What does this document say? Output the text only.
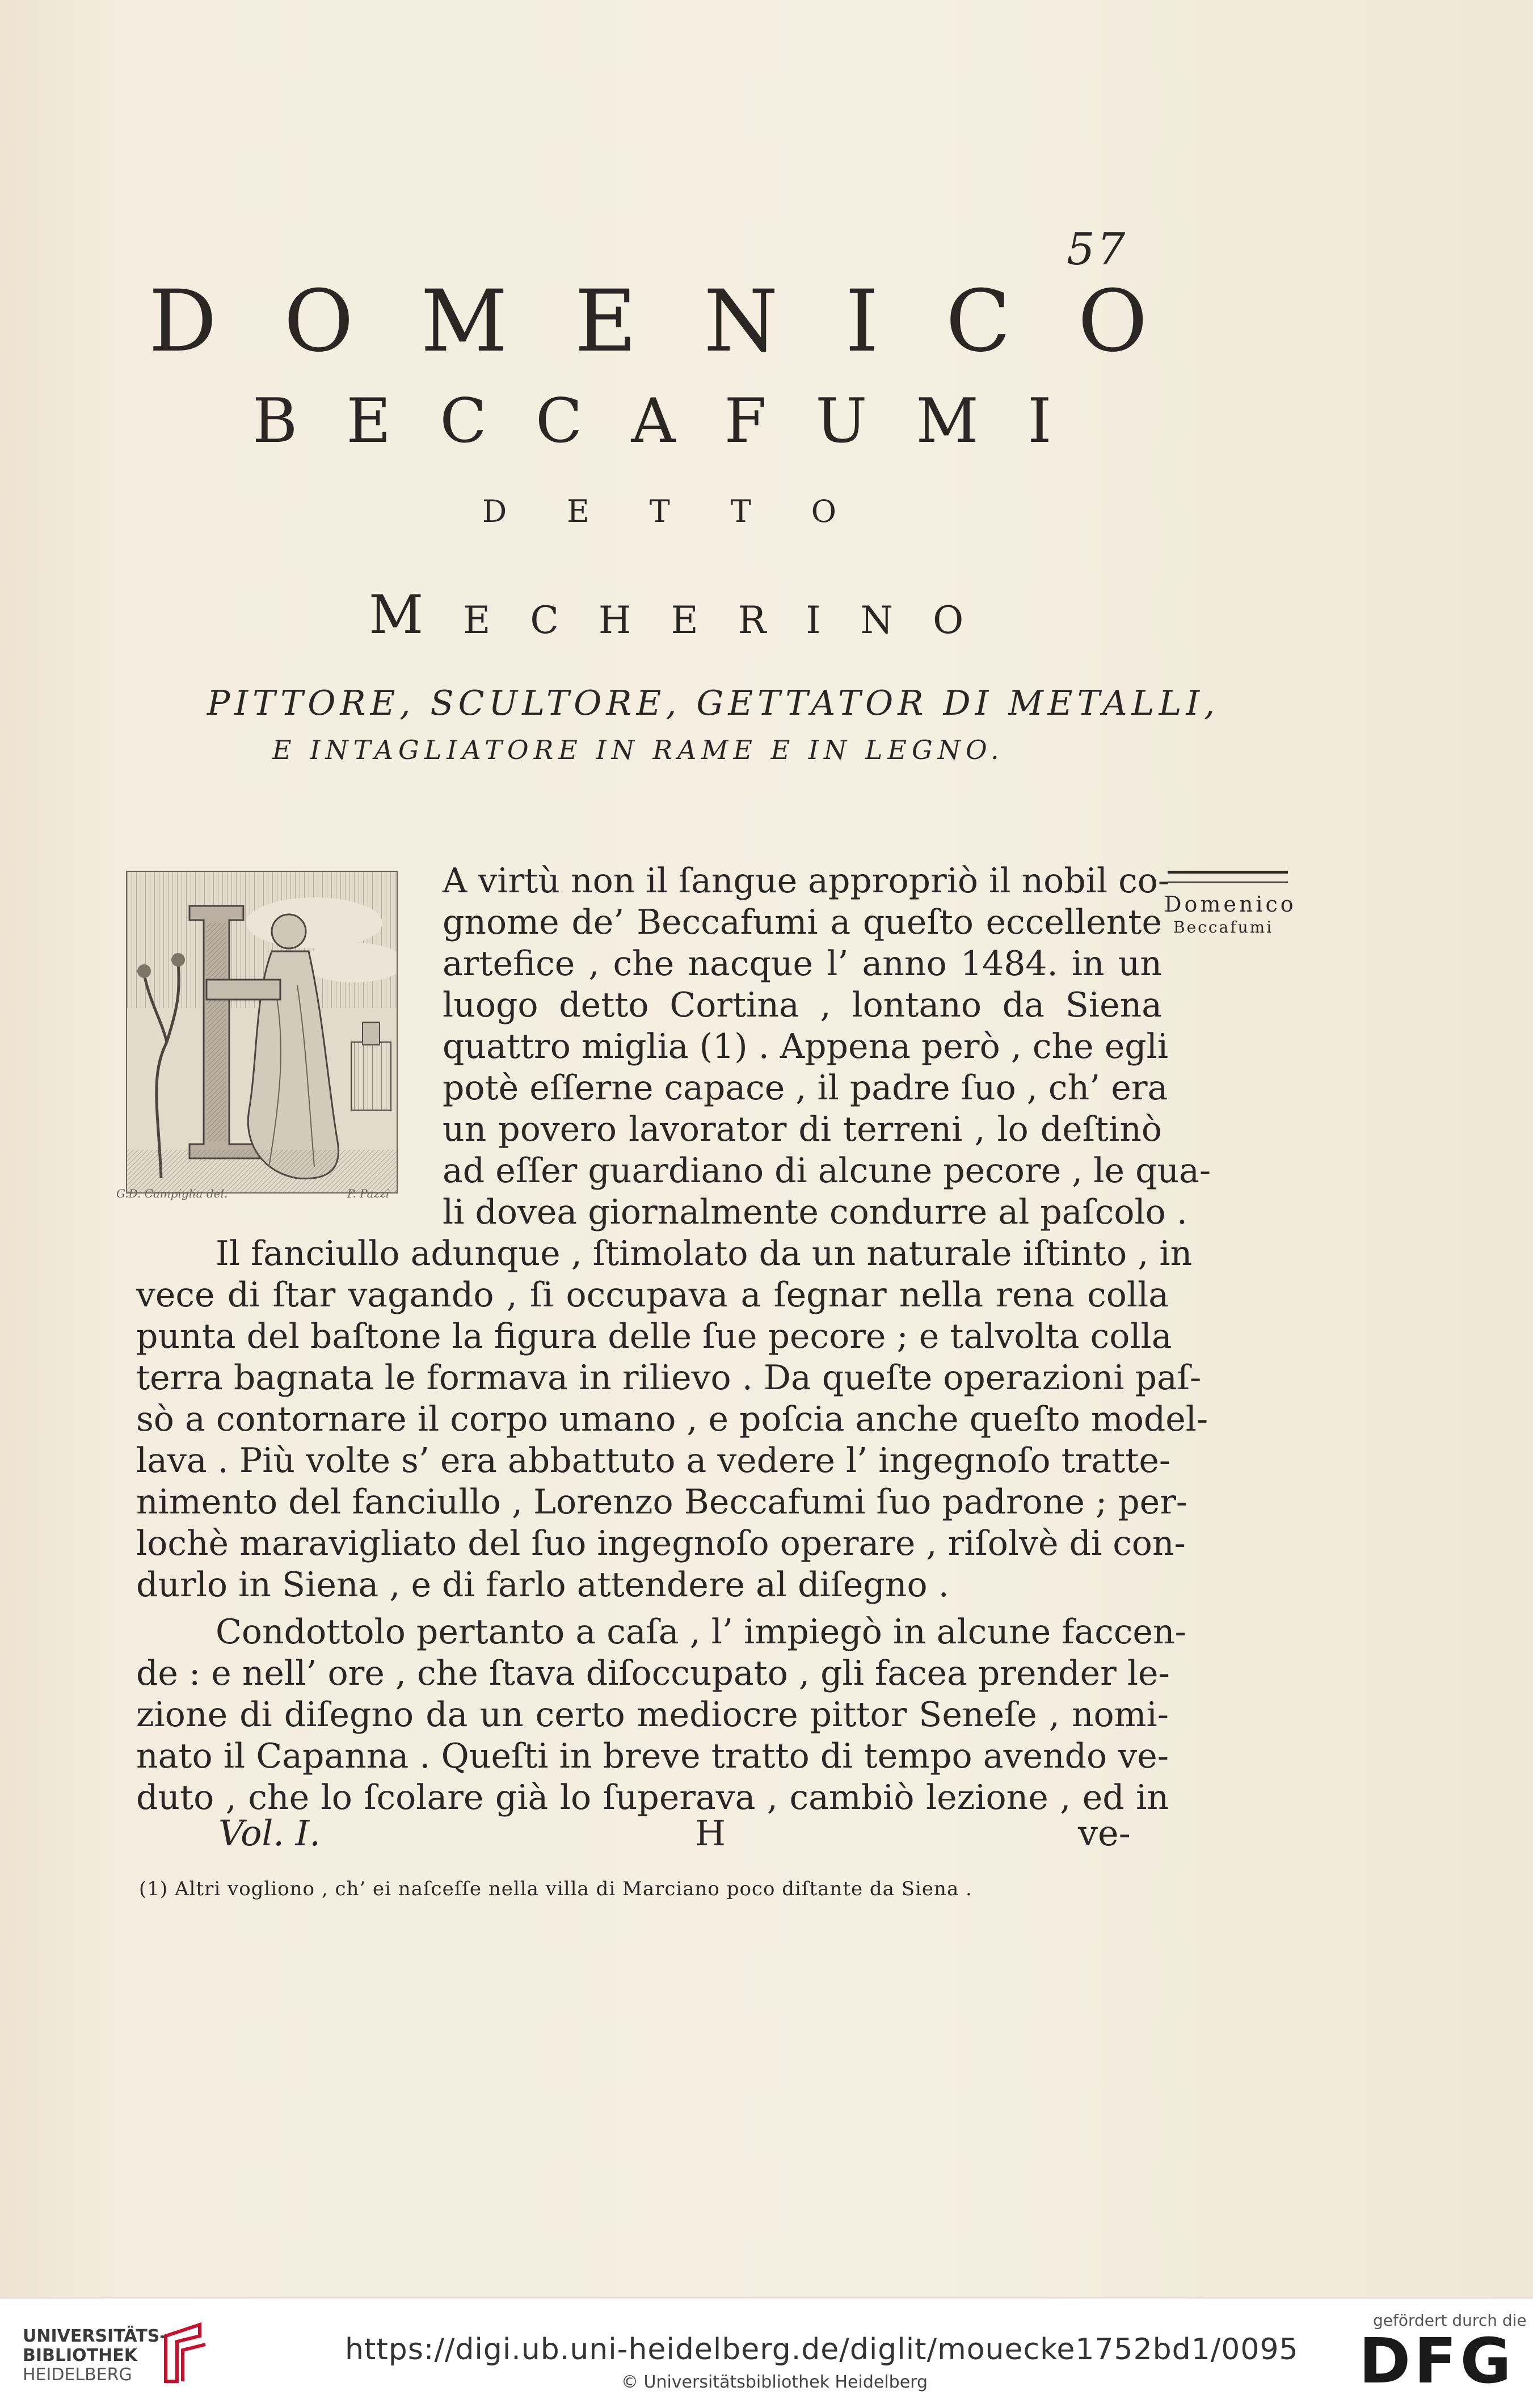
57
DOMENICO
BECCAFUMI
DETTO
MECHERINO
PITTORE, SCULTORE, GETTATOR DI METALLI,
E INTAGLIATORE IN RAME E IN LEGNO.
G.D. Campiglia del.	P. Pazzi
Domenico
Beccafumi
A virtù non il ſangue appropriò il nobil co-
gnome de’ Beccafumi a queſto eccellente
artefice , che nacque l’ anno 1484. in un
luogo detto Cortina , lontano da Siena
quattro miglia (1) . Appena però , che egli
potè eſſerne capace , il padre ſuo , ch’ era
un povero lavorator di terreni , lo deſtinò
ad eſſer guardiano di alcune pecore , le qua-
li dovea giornalmente condurre al paſcolo .
Il fanciullo adunque , ſtimolato da un naturale iſtinto , in
vece di ſtar vagando , ſi occupava a ſegnar nella rena colla
punta del baſtone la figura delle ſue pecore ; e talvolta colla
terra bagnata le formava in rilievo . Da queſte operazioni paſ-
sò a contornare il corpo umano , e poſcia anche queſto model-
lava . Più volte s’ era abbattuto a vedere l’ ingegnoſo tratte-
nimento del fanciullo , Lorenzo Beccafumi ſuo padrone ; per-
lochè maravigliato del ſuo ingegnoſo operare , riſolvè di con-
durlo in Siena , e di farlo attendere al diſegno .
Condottolo pertanto a caſa , l’ impiegò in alcune faccen-
de : e nell’ ore , che ſtava diſoccupato , gli facea prender le-
zione di diſegno da un certo mediocre pittor Seneſe , nomi-
nato il Capanna . Queſti in breve tratto di tempo avendo ve-
duto , che lo ſcolare già lo ſuperava , cambiò lezione , ed in
Vol. I.	H	ve-
(1) Altri vogliono , ch’ ei naſceſſe nella villa di Marciano poco diſtante da Siena .
UNIVERSITÄTS-
BIBLIOTHEK
HEIDELBERG
https://digi.ub.uni-heidelberg.de/diglit/mouecke1752bd1/0095
© Universitätsbibliothek Heidelberg
gefördert durch die
DFG
